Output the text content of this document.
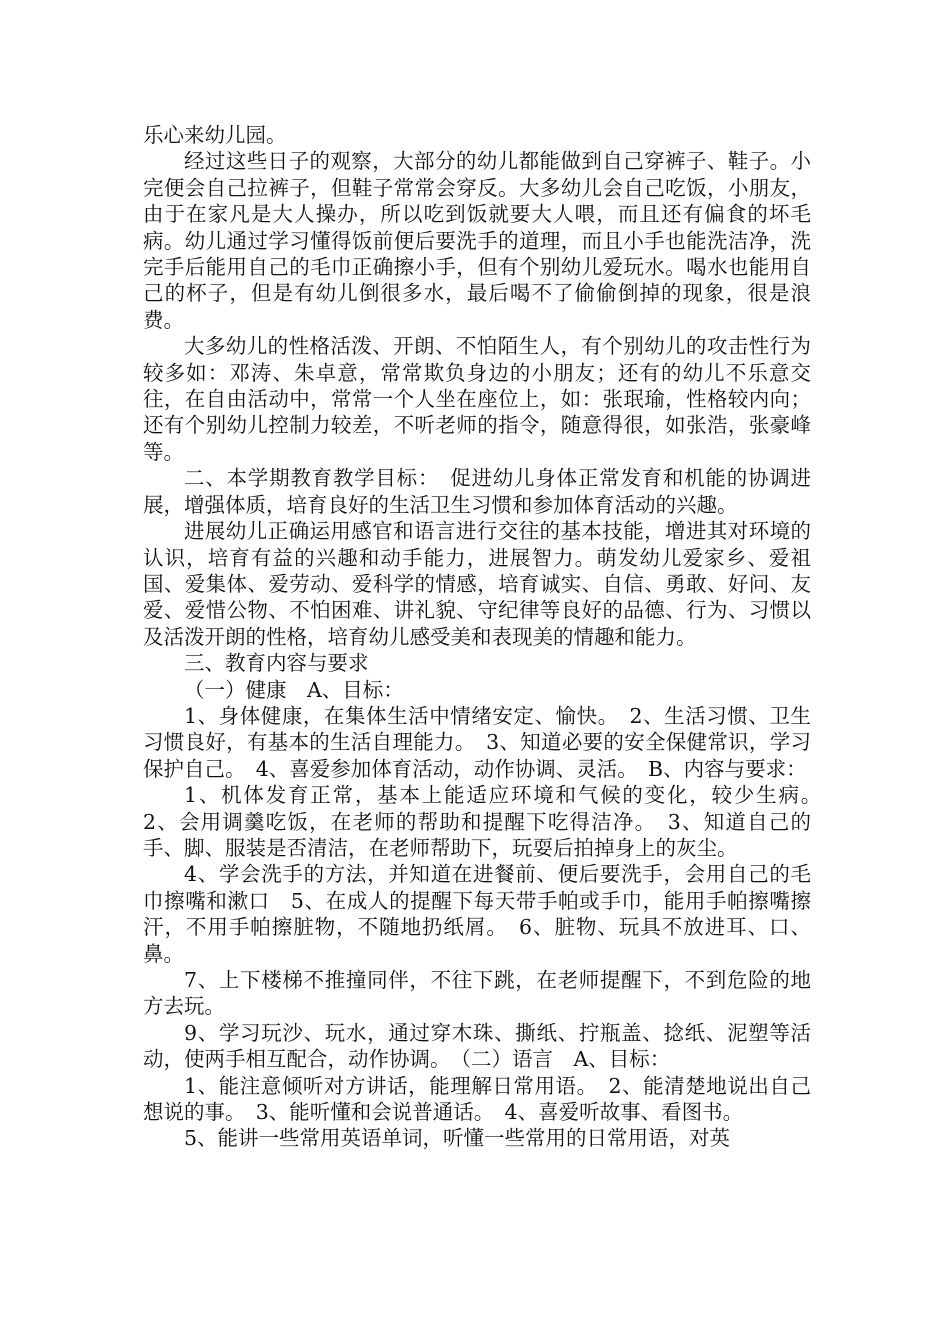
乐心来幼儿园。

经过这些日子的观察，大部分的幼儿都能做到自己穿裤子、鞋子。小完便会自己拉裤子，但鞋子常常会穿反。大多幼儿会自己吃饭，小朋友，由于在家凡是大人操办，所以吃到饭就要大人喂，而且还有偏食的坏毛病。幼儿通过学习懂得饭前便后要洗手的道理，而且小手也能洗洁净，洗完手后能用自己的毛巾正确擦小手，但有个别幼儿爱玩水。喝水也能用自己的杯子，但是有幼儿倒很多水，最后喝不了偷偷倒掉的现象，很是浪费。

大多幼儿的性格活泼、开朗、不怕陌生人，有个别幼儿的攻击性行为较多如：邓涛、朱卓意，常常欺负身边的小朋友；还有的幼儿不乐意交往，在自由活动中，常常一个人坐在座位上，如：张珉瑜，性格较内向；还有个别幼儿控制力较差，不听老师的指令，随意得很，如张浩，张豪峰等。

二、本学期教育教学目标：　促进幼儿身体正常发育和机能的协调进展，增强体质，培育良好的生活卫生习惯和参加体育活动的兴趣。

进展幼儿正确运用感官和语言进行交往的基本技能，增进其对环境的认识，培育有益的兴趣和动手能力，进展智力。萌发幼儿爱家乡、爱祖国、爱集体、爱劳动、爱科学的情感，培育诚实、自信、勇敢、好问、友爱、爱惜公物、不怕困难、讲礼貌、守纪律等良好的品德、行为、习惯以及活泼开朗的性格，培育幼儿感受美和表现美的情趣和能力。

三、教育内容与要求

（一）健康　A、目标：

1、身体健康，在集体生活中情绪安定、愉快。　2、生活习惯、卫生习惯良好，有基本的生活自理能力。　3、知道必要的安全保健常识，学习保护自己。　4、喜爱参加体育活动，动作协调、灵活。　B、内容与要求：

1、机体发育正常，基本上能适应环境和气候的变化，较少生病。　2、会用调羹吃饭，在老师的帮助和提醒下吃得洁净。　3、知道自己的手、脚、服装是否清洁，在老师帮助下，玩耍后拍掉身上的灰尘。

4、学会洗手的方法，并知道在进餐前、便后要洗手，会用自己的毛巾擦嘴和漱口　5、在成人的提醒下每天带手帕或手巾，能用手帕擦嘴擦汗，不用手帕擦脏物，不随地扔纸屑。　6、脏物、玩具不放进耳、口、鼻。

7、上下楼梯不推撞同伴，不往下跳，在老师提醒下，不到危险的地方去玩。

9、学习玩沙、玩水，通过穿木珠、撕纸、拧瓶盖、捻纸、泥塑等活动，使两手相互配合，动作协调。　（二）语言　A、目标：

1、能注意倾听对方讲话，能理解日常用语。　2、能清楚地说出自己想说的事。　3、能听懂和会说普通话。　4、喜爱听故事、看图书。

5、能讲一些常用英语单词，听懂一些常用的日常用语，对英
